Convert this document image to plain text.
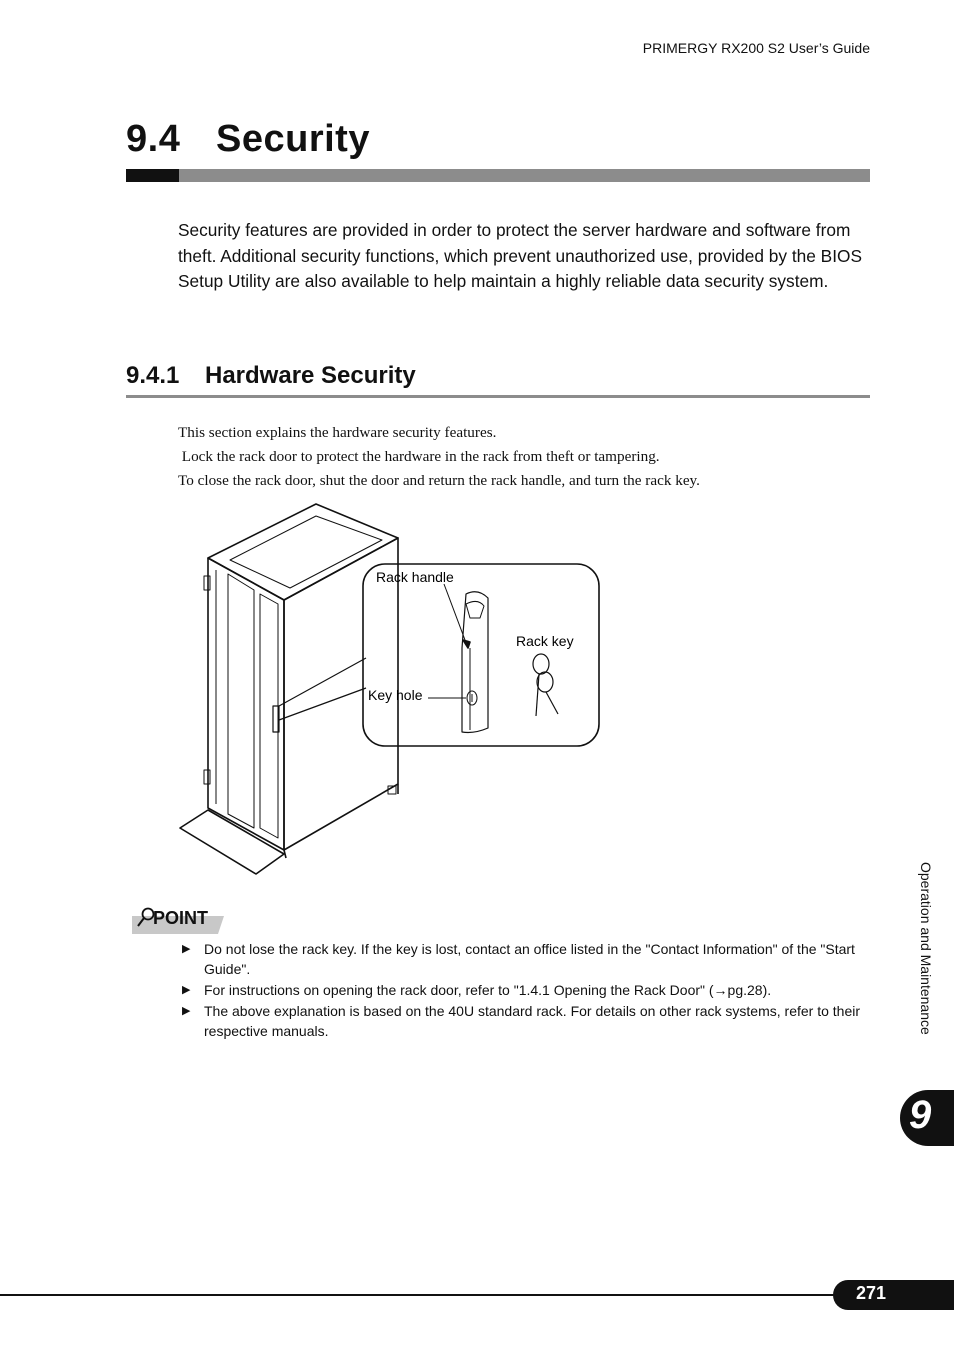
PRIMERGY RX200 S2 User’s Guide
9.4 Security
Security features are provided in order to protect the server hardware and software from theft. Additional security functions, which prevent unauthorized use, provided by the BIOS Setup Utility are also available to help maintain a highly reliable data security system.
9.4.1 Hardware Security
This section explains the hardware security features.
Lock the rack door to protect the hardware in the rack from theft or tampering.
To close the rack door, shut the door and return the rack handle, and turn the rack key.
Rack handle
Rack key
Key hole
POINT
▶ Do not lose the rack key. If the key is lost, contact an office listed in the "Contact Information" of the "Start Guide".
▶ For instructions on opening the rack door, refer to "1.4.1 Opening the Rack Door" (→pg.28).
▶ The above explanation is based on the 40U standard rack. For details on other rack systems, refer to their respective manuals.	Operation and Maintenance
9
271
